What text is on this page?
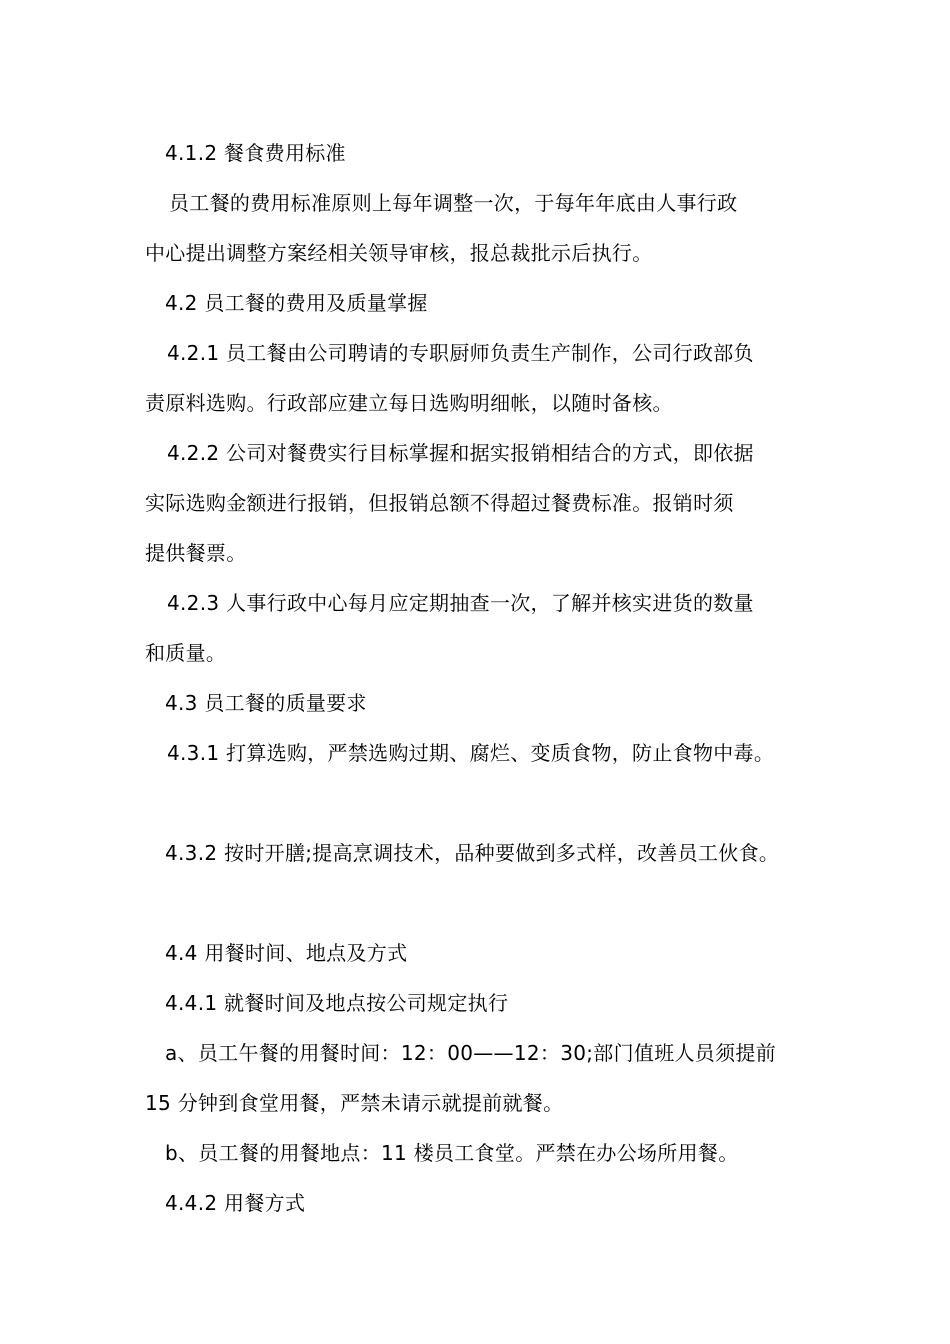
4.1.2 餐食费用标准
员工餐的费用标准原则上每年调整一次，于每年年底由人事行政
中心提出调整方案经相关领导审核，报总裁批示后执行。
4.2 员工餐的费用及质量掌握
4.2.1 员工餐由公司聘请的专职厨师负责生产制作，公司行政部负
责原料选购。行政部应建立每日选购明细帐，以随时备核。
4.2.2 公司对餐费实行目标掌握和据实报销相结合的方式，即依据
实际选购金额进行报销，但报销总额不得超过餐费标准。报销时须
提供餐票。
4.2.3 人事行政中心每月应定期抽查一次，了解并核实进货的数量
和质量。
4.3 员工餐的质量要求
4.3.1 打算选购，严禁选购过期、腐烂、变质食物，防止食物中毒。
4.3.2 按时开膳;提高烹调技术，品种要做到多式样，改善员工伙食。
4.4 用餐时间、地点及方式
4.4.1 就餐时间及地点按公司规定执行
a、员工午餐的用餐时间：12：00——12：30;部门值班人员须提前
15 分钟到食堂用餐，严禁未请示就提前就餐。
b、员工餐的用餐地点：11 楼员工食堂。严禁在办公场所用餐。
4.4.2 用餐方式
